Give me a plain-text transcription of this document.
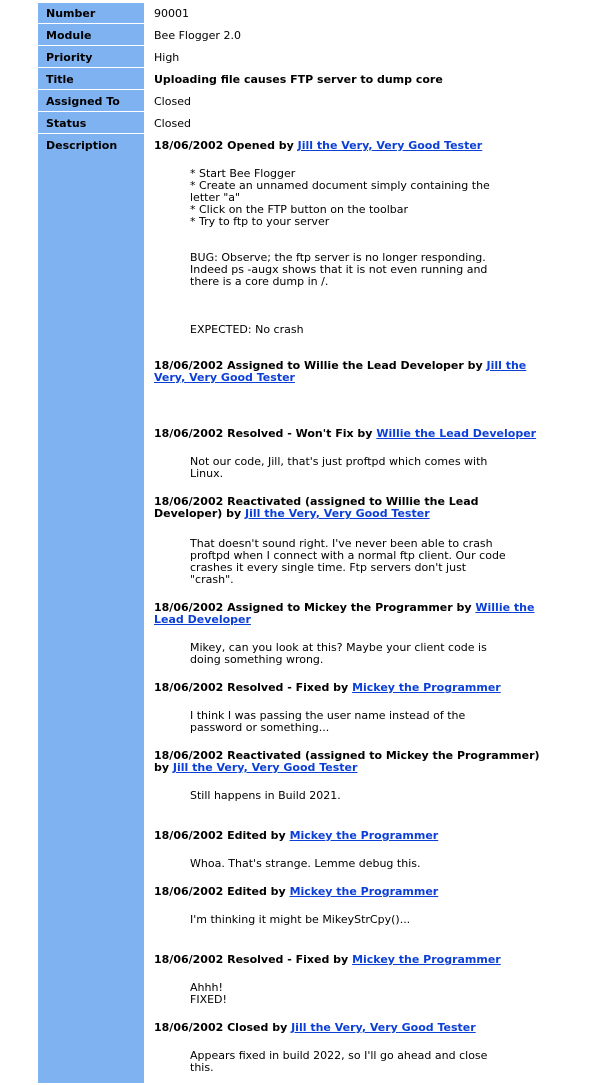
Number	90001
Module	Bee Flogger 2.0
Priority	High
Title	Uploading file causes FTP server to dump core
Assigned To	Closed
Status	Closed
Description	18/06/2002 Opened by Jill the Very, Very Good Tester
* Start Bee Flogger
* Create an unnamed document simply containing the letter "a"
* Click on the FTP button on the toolbar
* Try to ftp to your server

BUG: Observe; the ftp server is no longer responding. Indeed ps -augx shows that it is not even running and there is a core dump in /.

EXPECTED: No crash
18/06/2002 Assigned to Willie the Lead Developer by Jill the Very, Very Good Tester
18/06/2002 Resolved - Won't Fix by Willie the Lead Developer
Not our code, Jill, that's just proftpd which comes with Linux.
18/06/2002 Reactivated (assigned to Willie the Lead Developer) by Jill the Very, Very Good Tester
That doesn't sound right. I've never been able to crash proftpd when I connect with a normal ftp client. Our code crashes it every single time. Ftp servers don't just "crash".
18/06/2002 Assigned to Mickey the Programmer by Willie the Lead Developer
Mikey, can you look at this? Maybe your client code is doing something wrong.
18/06/2002 Resolved - Fixed by Mickey the Programmer
I think I was passing the user name instead of the password or something...
18/06/2002 Reactivated (assigned to Mickey the Programmer) by Jill the Very, Very Good Tester
Still happens in Build 2021.
18/06/2002 Edited by Mickey the Programmer
Whoa. That's strange. Lemme debug this.
18/06/2002 Edited by Mickey the Programmer
I'm thinking it might be MikeyStrCpy()...
18/06/2002 Resolved - Fixed by Mickey the Programmer
Ahhh!
FIXED!
18/06/2002 Closed by Jill the Very, Very Good Tester
Appears fixed in build 2022, so I'll go ahead and close this.
